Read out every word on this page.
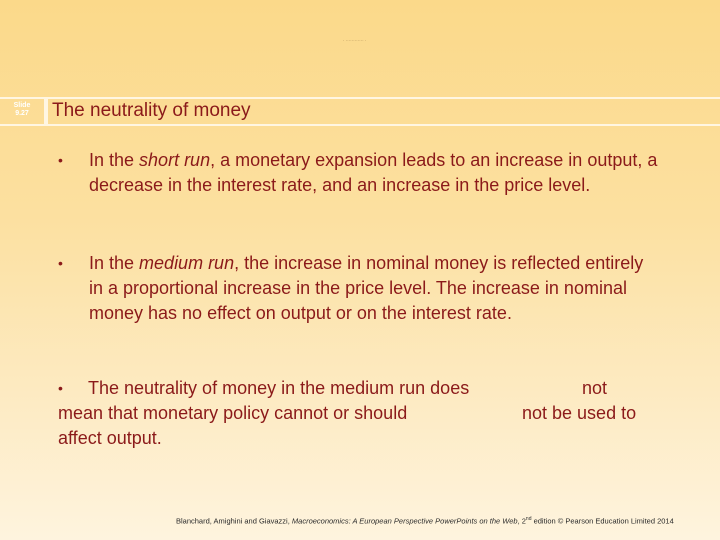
- ------------ -
Slide
9.27	The neutrality of money
• In the short run, a monetary expansion leads to an increase in output, a decrease in the interest rate, and an increase in the price level.
• In the medium run, the increase in nominal money is reflected entirely in a proportional increase in the price level. The increase in nominal money has no effect on output or on the interest rate.
• The neutrality of money in the medium run does	not
mean that monetary policy cannot or should	not be used to
affect output.
Blanchard, Amighini and Giavazzi, Macroeconomics: A European Perspective PowerPoints on the Web, 2nd edition © Pearson Education Limited 2014
